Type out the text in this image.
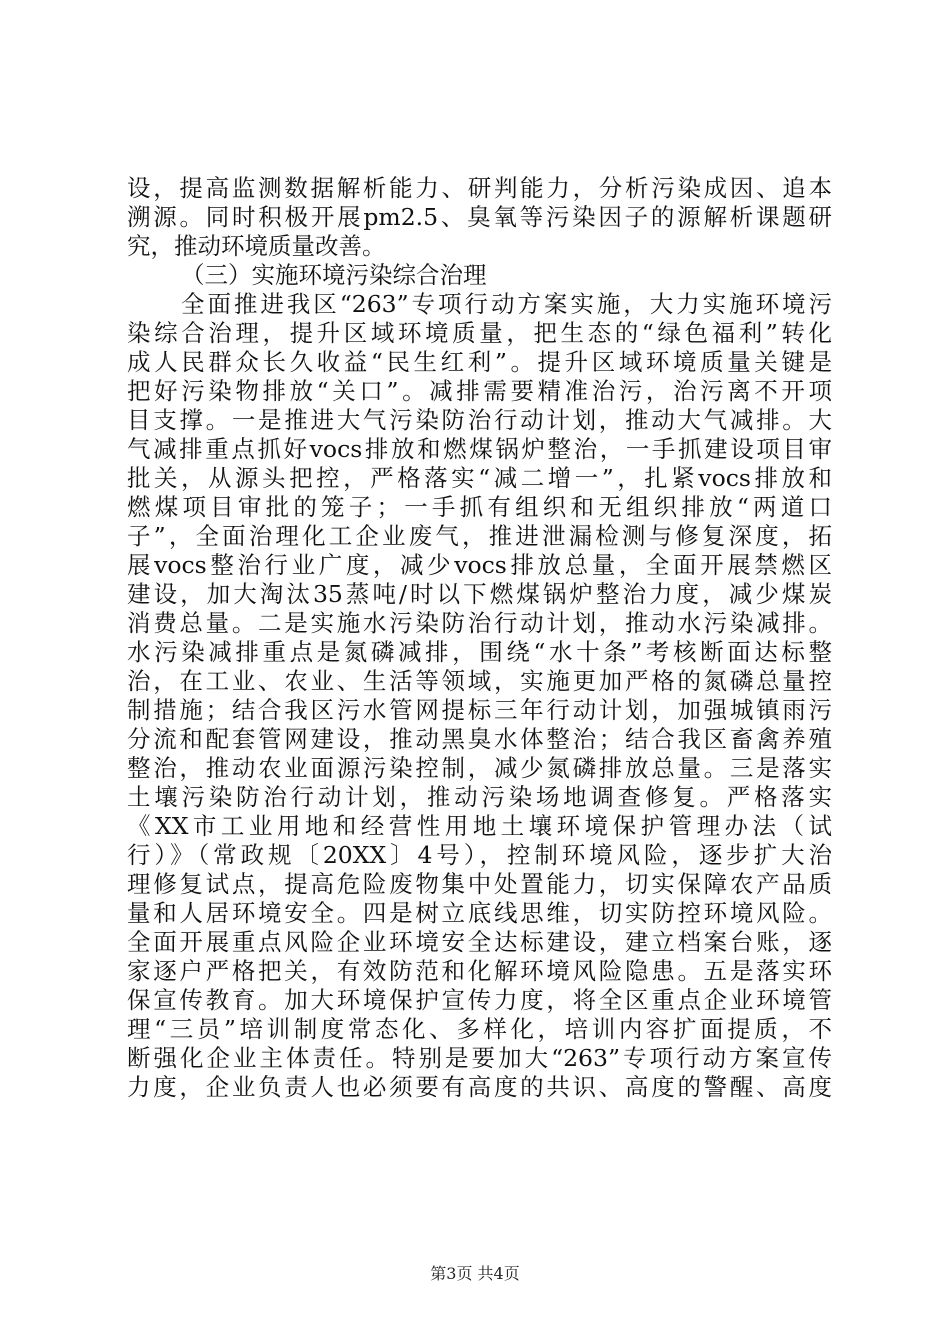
设，提高监测数据解析能力、研判能力，分析污染成因、追本
溯源。同时积极开展pm2.5、臭氧等污染因子的源解析课题研
究，推动环境质量改善。
（三）实施环境污染综合治理
全面推进我区“263”专项行动方案实施，大力实施环境污
染综合治理，提升区域环境质量，把生态的“绿色福利”转化
成人民群众长久收益“民生红利”。提升区域环境质量关键是
把好污染物排放“关口”。减排需要精准治污，治污离不开项
目支撑。一是推进大气污染防治行动计划，推动大气减排。大
气减排重点抓好vocs排放和燃煤锅炉整治，一手抓建设项目审
批关，从源头把控，严格落实“减二增一”，扎紧vocs排放和
燃煤项目审批的笼子；一手抓有组织和无组织排放“两道口
子”，全面治理化工企业废气，推进泄漏检测与修复深度，拓
展vocs整治行业广度，减少vocs排放总量，全面开展禁燃区
建设，加大淘汰35蒸吨/时以下燃煤锅炉整治力度，减少煤炭
消费总量。二是实施水污染防治行动计划，推动水污染减排。
水污染减排重点是氮磷减排，围绕“水十条”考核断面达标整
治，在工业、农业、生活等领域，实施更加严格的氮磷总量控
制措施；结合我区污水管网提标三年行动计划，加强城镇雨污
分流和配套管网建设，推动黑臭水体整治；结合我区畜禽养殖
整治，推动农业面源污染控制，减少氮磷排放总量。三是落实
土壤污染防治行动计划，推动污染场地调查修复。严格落实
《XX市工业用地和经营性用地土壤环境保护管理办法（试
行）》（常政规〔20XX〕4号），控制环境风险，逐步扩大治
理修复试点，提高危险废物集中处置能力，切实保障农产品质
量和人居环境安全。四是树立底线思维，切实防控环境风险。
全面开展重点风险企业环境安全达标建设，建立档案台账，逐
家逐户严格把关，有效防范和化解环境风险隐患。五是落实环
保宣传教育。加大环境保护宣传力度，将全区重点企业环境管
理“三员”培训制度常态化、多样化，培训内容扩面提质，不
断强化企业主体责任。特别是要加大“263”专项行动方案宣传
力度，企业负责人也必须要有高度的共识、高度的警醒、高度
第3页 共4页
